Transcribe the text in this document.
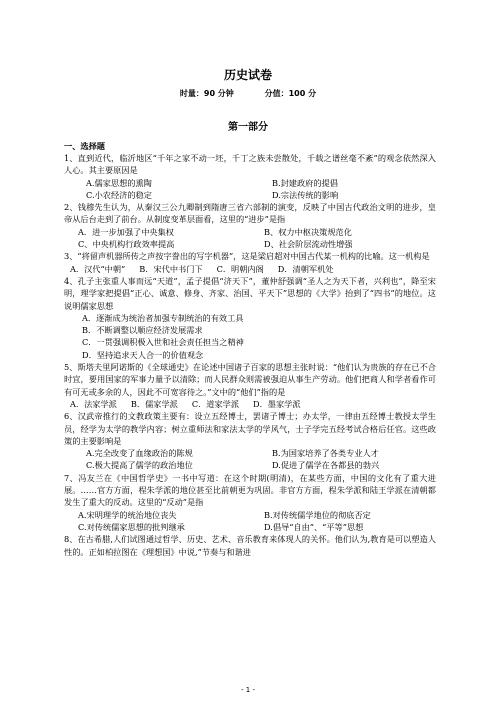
历史试卷
时量：90 分钟	分值：100 分
第一部分
一、选择题

1、直到近代，临沂地区“千年之家不动一坯，千丁之族未尝散处，千载之谱丝毫不紊”的观念依然深入人心。其主要原因是

A.儒家思想的熏陶	B.封建政府的提倡
C.小农经济的稳定	D.宗法传统的影响

2、钱穆先生认为，从秦汉三公九卿制到隋唐三省六部制的演变，反映了中国古代政治文明的进步，皇帝从后台走到了前台。从制度变革层面看，这里的“进步”是指

A．进一步加强了中央集权	B、权力中枢决策规范化
C、中央机构行政效率提高	D、社会阶层流动性增强

3、“将留声机器所传之声按字誊出的写字机器”，这是梁启超对中国古代某一机构的比喻。这一机构是

A．汉代“中朝” B．宋代中书门下 C．明朝内阁 D．清朝军机处

4、孔子主张重人事而远“天道”，孟子提倡“济天下”，董仲舒强调“圣人之为天下者，兴利也”，降至宋明，理学家把提倡“正心、诚意、修身、齐家、治国、平天下”思想的《大学》抬到了“四书”的地位。这说明儒家思想

A．逐渐成为统治者加强专制统治的有效工具
B．不断调整以顺应经济发展需求
C．一贯强调积极入世和社会责任担当之精神
D．坚持追求天人合一的价值观念

5、斯塔夫里阿诺斯的《全球通史》在论述中国诸子百家的思想主张时说：“他们认为贵族的存在已不合时宜，要用国家的军事力量予以清除；而人民群众则需被强迫从事生产劳动。他们把商人和学者看作可有可无或多余的人，因此不可宽容待之。”文中的“他们”指的是

A．法家学派 B．儒家学派 C．道家学派 D．墨家学派

6、汉武帝推行的文教政策主要有：设立五经博士，罢诸子博士；办太学，一律由五经博士教授太学生员，经学为太学的教学内容；树立重师法和家法太学的学风气，士子学完五经考试合格后任官。这些政策的主要影响是

A.完全改变了血缘政治的陈规	B.为国家培养了各类专业人才
C.极大提高了儒学的政治地位	D.促进了儒学在各都县的勃兴

7、冯友兰在《中国哲学史》一书中写道：在这个时期(明清)，在某些方面，中国的文化有了重大进展。……官方方面，程朱学派的地位甚至比前朝更为巩固。非官方方面，程朱学派和陆王学派在清朝都发生了重大的反动。这里的“反动”是指

A.宋明理学的统治地位丧失	B.对传统儒学地位的彻底否定
C.对传统儒家思想的批判继承	D.倡导“自由”、“平等”思想

8、在古希腊,人们试图通过哲学、历史、艺术、音乐教育来体现人的关怀。他们认为,教育是可以塑造人性的。正如柏拉图在《理想国》中说,”节奏与和谐进

- 1 -
